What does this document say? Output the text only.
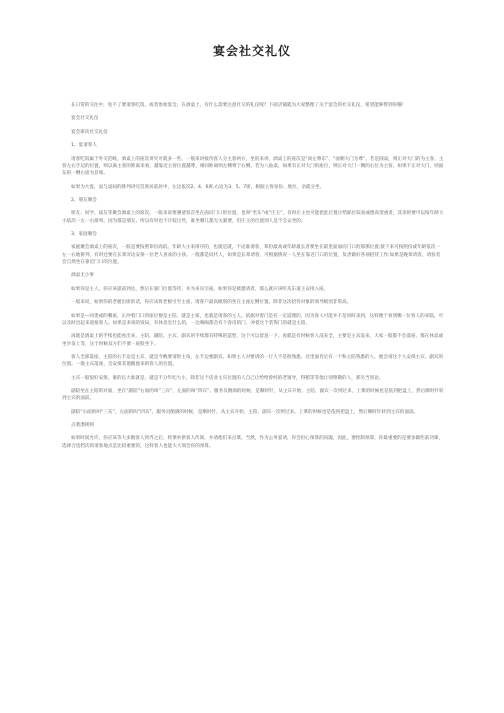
宴会社交礼仪

在日常的交往中，免不了要请客吃饭，或者参加宴会。在酒桌上，有什么需要注意社交的礼仪呢？下面店铺就为大家整理了关于宴会的社交礼仪，希望能够帮到你哦！

宴会社交礼仪

宴会席次社交礼仪

1、宴请客人

请客吃饭属于外交范畴，酒桌上的座次讲究可就多一些。一般来讲接待客人分主客两方，坐的来讲，酒桌上的座次是“尚左尊东”、“面朝大门为尊”。若是圆桌，则正对大门的为主客，主客左右手边的位置，则以离主客的距离来看，越靠近主客位置越尊，相同距离则左侧尊于右侧。若为八仙桌，如果有正对大门的座位，则正对大门一侧的右位为主客。如果不正对大门，则面东的一侧右席为首席。

如果为大宴，桌与桌间的排列讲究首席居前居中，左边依次2、4、6席,右边为3、5、7席，根据主客身份、地位，亲疏分坐。

2、朋友聚会

朋友、同学、战友等聚会酒桌上的席次，一般来说要遵请客首坐在面向门口的位置，也叫“坐东”或“庄主”，有时庄主也可能把此位置让给职位较高或德高望重者，其余的要可以按年龄大小依次一左一右排列。因为都是朋友，所以有时也不计较这些，谁坐哪儿都无关紧要，但庄主的位置别人是不会去坐的。

3、家庭聚会

家庭聚会酒桌上的座次，一般是要按照辈份高低、年龄大小来排序的，也就是就，不论谁请客，辈份最高或年龄最长者要坐在最里面面向门口的那那位置;接下来可按照份或年龄依次一左一右地排列，有时还要在长辈旁边安排一位老人喜欢的小孩。一般都是同代人，如果是长辈请客，可根据情况一人坐在靠近门口的位置，负责做好各项招待工作;如果是晚辈请客，请客者会自然坐在靠近门口的位置。

酒桌无小事

如果你是主人，你应该提前到达，然后在靠门位置等待，并为来宾引座。如果你是被邀请者，那么就应该听从东道主安排入座。

一般来说，如果你的老板出席的话，你应该将老板引至主座，请客户最高级别的坐在主座左侧位置。除非这次招待对象的领导级别非常高。

如果是—同类或的餐座，正冲着门口的座位便是主陪，就是主家，也就是请客的主人。依据对着门是有一定道理的，因为客人可能并不是同时来到，这样便于看到哪一位客人的来临，可以及时出起来迎接客人。如果是多项的饭局，有休息室什么的，一边喝喝都会有个客房的门，冲着这个装饰门的就是主陪。

再就是酒桌上的手续也能看出来，主陪、副陪、主宾、副宾的手续都有特殊的造型，这个可以留意一下。再就是有时候客人没来全，主要是主宾没来，大家一般都不会落座，都在休息或坐沙发上等，这个时候双方们不要一屁股坐下。

客人全部落座，主陪的右手边是主宾，就是今晚要请的主角，左手边要副宾。如果主人对要请的一行人不是很熟悉，这里面肯定有一个和主陪熟悉的人，他会请这个人安排主宾，副宾的位置。一般主宾落座，会安排其他随他来的客人的位置。

主宾一般很好安排，谁的官大谁就是。就是不分年纪大小，除非这个话业主宾位置的人自己让给给曾经的老领导，得稍等等他让别尊敬的人，那另当别论。

副陪坐在主陪的对面，坐在“副陪”右面的叫“三宾”，左面的叫“四宾”。服务员倒酒的时候，是顺时针，从主宾开始，主陪，副宾一次则过来，上菜的时候也是依到把盘上，然后顺时针转到主宾的面前。

副陪“右面的叫“三宾”，左面的叫“四宾”。服务员倒酒的时候，是顺时针，从主宾开始，主陪、副宾一次则过来。上菜的时候也是依到把盘上，然后顺时针转到主宾的面前。

点菜潜规则

如果时间允许，你应该等大多数客人到齐之后，将菜单供客人传阅，并请他们来点菜。当然，作为公务宴请，你会担心预算的问题，因此，要控制预算，你最重要的是要多做些前功课，选择合适档次的请客地点是比较重要的，这样客人也能大大领会你的预算。
